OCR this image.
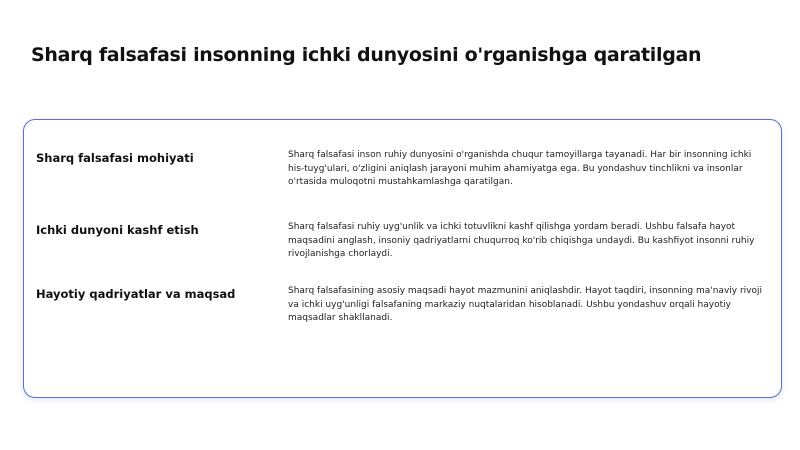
Sharq falsafasi insonning ichki dunyosini o'rganishga qaratilgan
Sharq falsafasi mohiyati	Sharq falsafasi inson ruhiy dunyosini o'rganishda chuqur tamoyillarga tayanadi. Har bir insonning ichki his-tuyg'ulari, o'zligini aniqlash jarayoni muhim ahamiyatga ega. Bu yondashuv tinchlikni va insonlar o'rtasida muloqotni mustahkamlashga qaratilgan.

Ichki dunyoni kashf etish	Sharq falsafasi ruhiy uyg'unlik va ichki totuvlikni kashf qilishga yordam beradi. Ushbu falsafa hayot maqsadini anglash, insoniy qadriyatlarni chuqurroq ko'rib chiqishga undaydi. Bu kashfiyot insonni ruhiy rivojlanishga chorlaydi.

Hayotiy qadriyatlar va maqsad	Sharq falsafasining asosiy maqsadi hayot mazmunini aniqlashdir. Hayot taqdiri, insonning ma'naviy rivoji va ichki uyg'unligi falsafaning markaziy nuqtalaridan hisoblanadi. Ushbu yondashuv orqali hayotiy maqsadlar shakllanadi.
